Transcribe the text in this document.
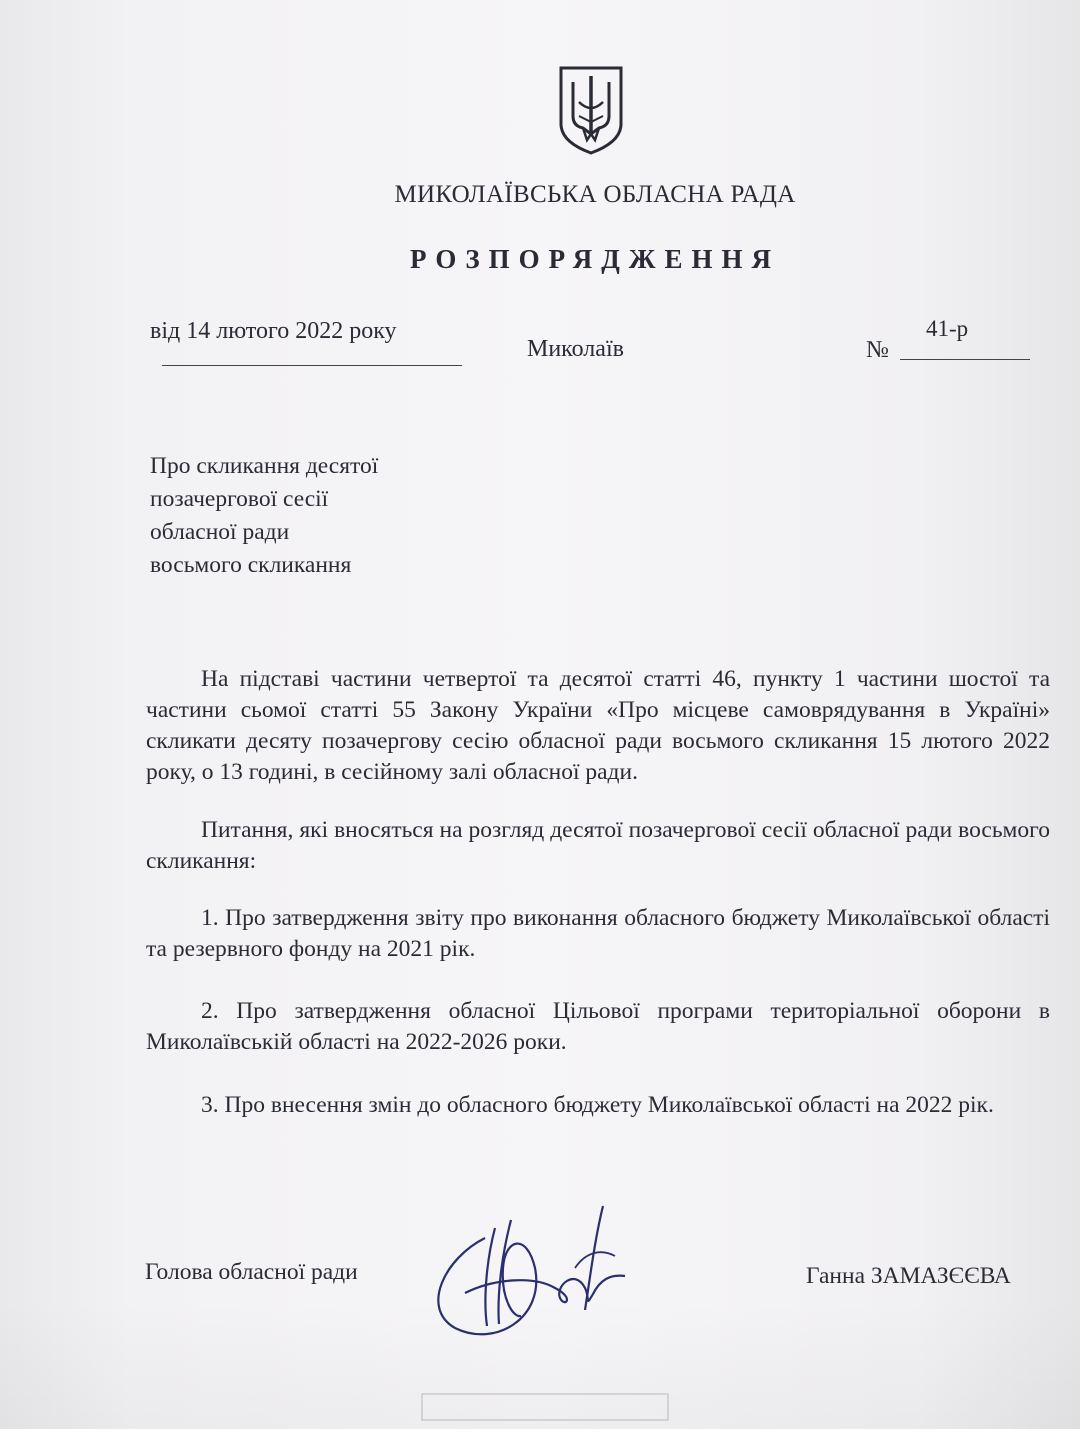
МИКОЛАЇВСЬКА ОБЛАСНА РАДА
РОЗПОРЯДЖЕННЯ
від 14 лютого 2022 року
Миколаїв	№
41-р
Про скликання десятої
позачергової сесії
обласної ради
восьмого скликання

На підставі частини четвертої та десятої статті 46, пункту 1 частини шостої та частини сьомої статті 55 Закону України «Про місцеве самоврядування в Україні» скликати десяту позачергову сесію обласної ради восьмого скликання 15 лютого 2022 року, о 13 годині, в сесійному залі обласної ради.

Питання, які вносяться на розгляд десятої позачергової сесії обласної ради восьмого скликання:

1. Про затвердження звіту про виконання обласного бюджету Миколаївської області та резервного фонду на 2021 рік.

2. Про затвердження обласної Цільової програми територіальної оборони в Миколаївській області на 2022-2026 роки.

3. Про внесення змін до обласного бюджету Миколаївської області на 2022 рік.

Голова обласної ради	Ганна ЗАМАЗЄЄВА
